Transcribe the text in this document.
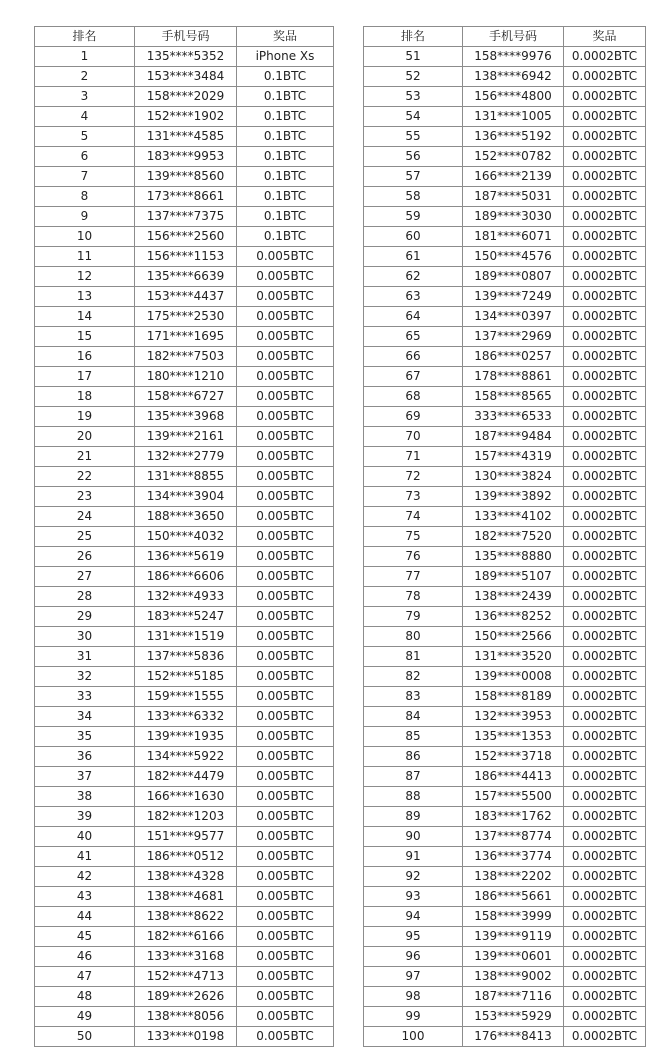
排名	手机号码	奖品
1	135****5352	iPhone Xs
2	153****3484	0.1BTC
3	158****2029	0.1BTC
4	152****1902	0.1BTC
5	131****4585	0.1BTC
6	183****9953	0.1BTC
7	139****8560	0.1BTC
8	173****8661	0.1BTC
9	137****7375	0.1BTC
10	156****2560	0.1BTC
11	156****1153	0.005BTC
12	135****6639	0.005BTC
13	153****4437	0.005BTC
14	175****2530	0.005BTC
15	171****1695	0.005BTC
16	182****7503	0.005BTC
17	180****1210	0.005BTC
18	158****6727	0.005BTC
19	135****3968	0.005BTC
20	139****2161	0.005BTC
21	132****2779	0.005BTC
22	131****8855	0.005BTC
23	134****3904	0.005BTC
24	188****3650	0.005BTC
25	150****4032	0.005BTC
26	136****5619	0.005BTC
27	186****6606	0.005BTC
28	132****4933	0.005BTC
29	183****5247	0.005BTC
30	131****1519	0.005BTC
31	137****5836	0.005BTC
32	152****5185	0.005BTC
33	159****1555	0.005BTC
34	133****6332	0.005BTC
35	139****1935	0.005BTC
36	134****5922	0.005BTC
37	182****4479	0.005BTC
38	166****1630	0.005BTC
39	182****1203	0.005BTC
40	151****9577	0.005BTC
41	186****0512	0.005BTC
42	138****4328	0.005BTC
43	138****4681	0.005BTC
44	138****8622	0.005BTC
45	182****6166	0.005BTC
46	133****3168	0.005BTC
47	152****4713	0.005BTC
48	189****2626	0.005BTC
49	138****8056	0.005BTC
50	133****0198	0.005BTC
排名	手机号码	奖品
51	158****9976	0.0002BTC
52	138****6942	0.0002BTC
53	156****4800	0.0002BTC
54	131****1005	0.0002BTC
55	136****5192	0.0002BTC
56	152****0782	0.0002BTC
57	166****2139	0.0002BTC
58	187****5031	0.0002BTC
59	189****3030	0.0002BTC
60	181****6071	0.0002BTC
61	150****4576	0.0002BTC
62	189****0807	0.0002BTC
63	139****7249	0.0002BTC
64	134****0397	0.0002BTC
65	137****2969	0.0002BTC
66	186****0257	0.0002BTC
67	178****8861	0.0002BTC
68	158****8565	0.0002BTC
69	333****6533	0.0002BTC
70	187****9484	0.0002BTC
71	157****4319	0.0002BTC
72	130****3824	0.0002BTC
73	139****3892	0.0002BTC
74	133****4102	0.0002BTC
75	182****7520	0.0002BTC
76	135****8880	0.0002BTC
77	189****5107	0.0002BTC
78	138****2439	0.0002BTC
79	136****8252	0.0002BTC
80	150****2566	0.0002BTC
81	131****3520	0.0002BTC
82	139****0008	0.0002BTC
83	158****8189	0.0002BTC
84	132****3953	0.0002BTC
85	135****1353	0.0002BTC
86	152****3718	0.0002BTC
87	186****4413	0.0002BTC
88	157****5500	0.0002BTC
89	183****1762	0.0002BTC
90	137****8774	0.0002BTC
91	136****3774	0.0002BTC
92	138****2202	0.0002BTC
93	186****5661	0.0002BTC
94	158****3999	0.0002BTC
95	139****9119	0.0002BTC
96	139****0601	0.0002BTC
97	138****9002	0.0002BTC
98	187****7116	0.0002BTC
99	153****5929	0.0002BTC
100	176****8413	0.0002BTC
